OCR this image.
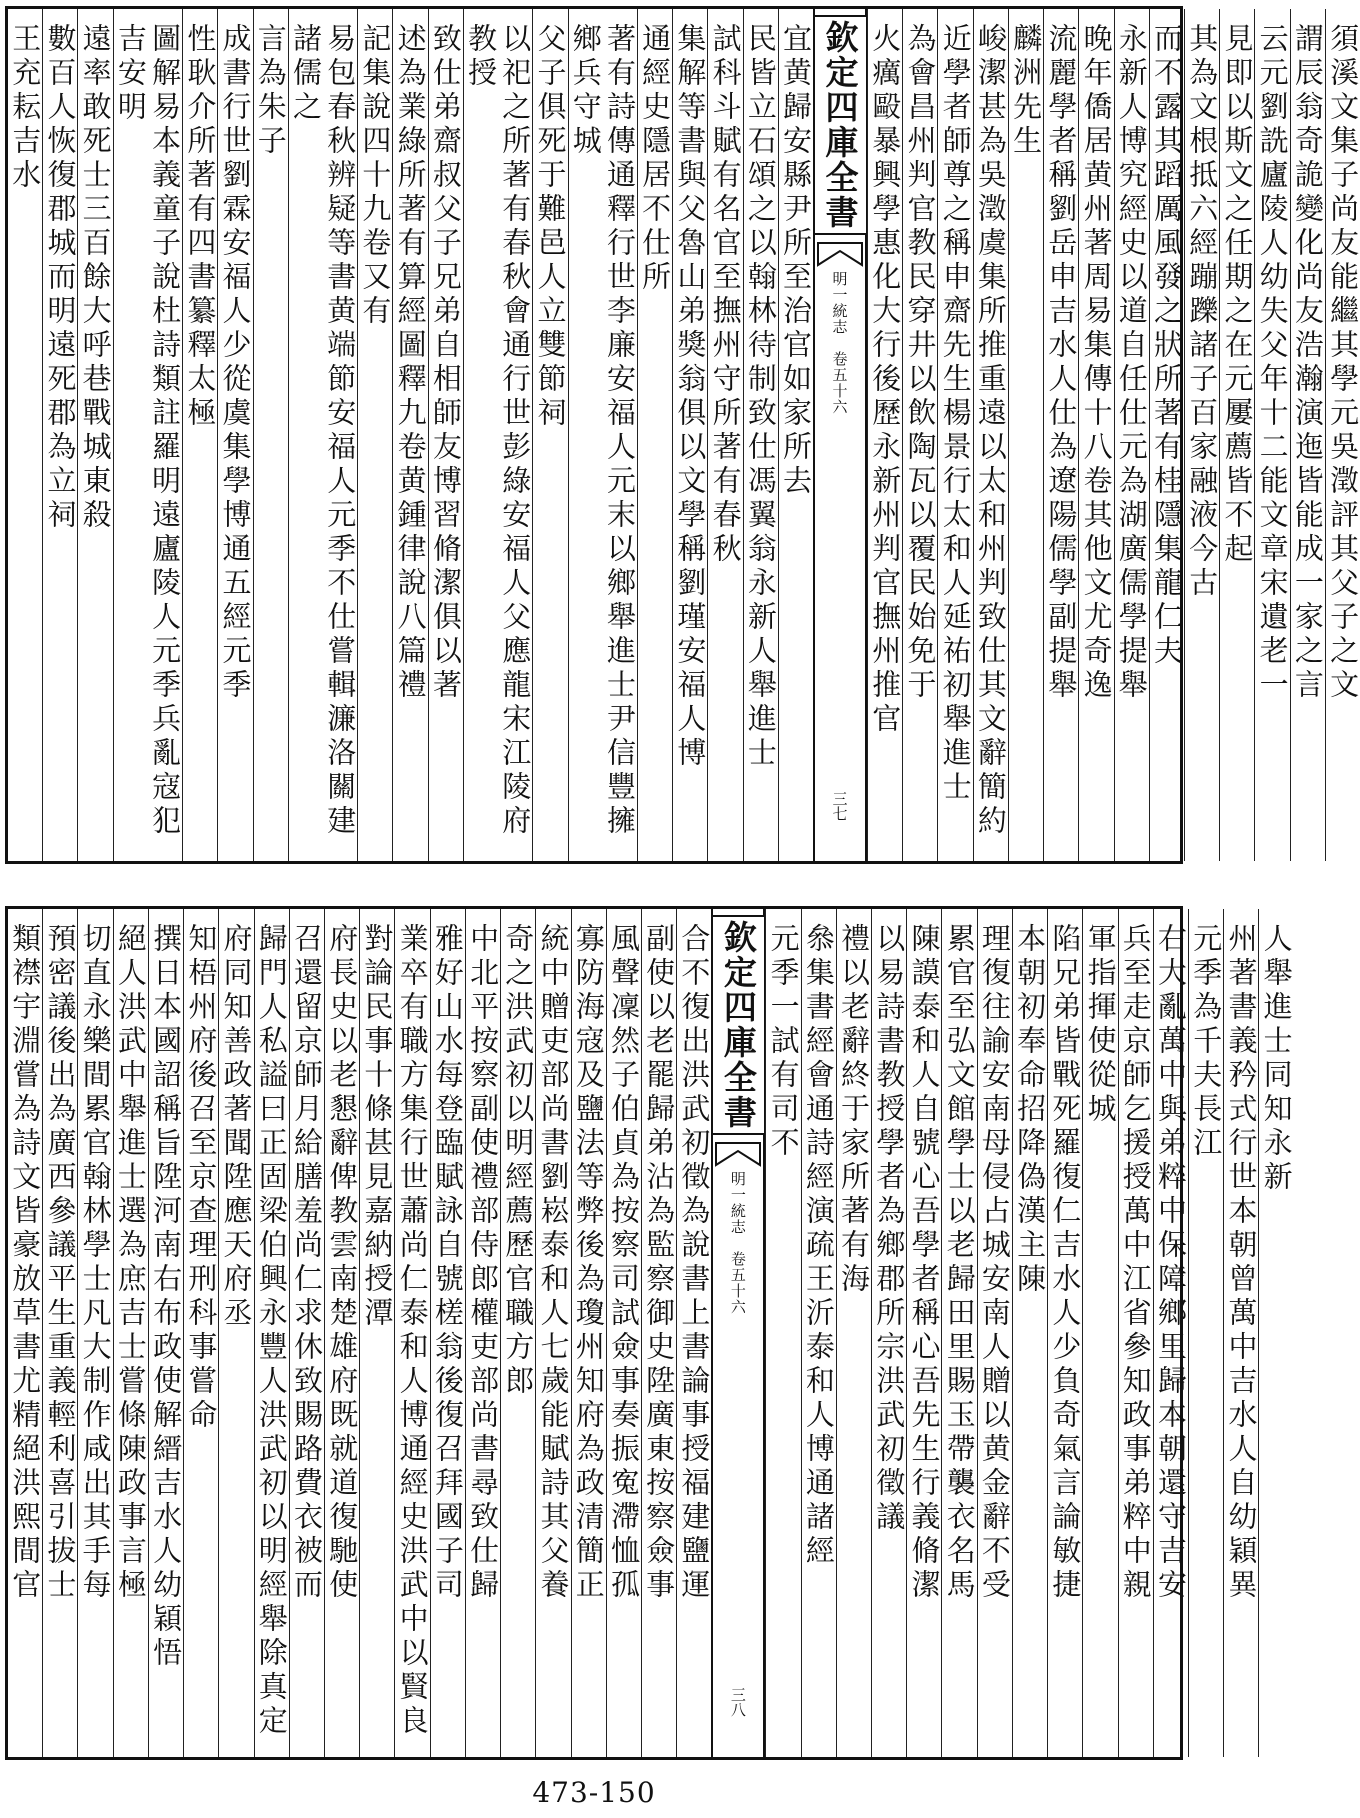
宜黄歸安縣尹所至治官如家所去
民皆立石頌之以翰林待制致仕馮翼翁永新人舉進士
試科斗賦有名官至撫州守所著有春秋
集解等書與父魯山弟獎翁俱以文學稱劉瑾安福人博
通經史隱居不仕所
著有詩傳通釋行世李廉安福人元末以鄉舉進士尹信豐擁鄉兵守城
父子俱死于難邑人立雙節祠
以祀之所著有春秋會通行世彭綠安福人父應龍宋江陵府教授
致仕弟齋叔父子兄弟自相師友博習脩潔俱以著
述為業綠所著有算經圖釋九卷黄鍾律說八篇禮
記集說四十九卷又有
易包春秋辨疑等書黄端節安福人元季不仕嘗輯濂洛關建諸儒之
言為朱子
成書行世劉霖安福人少從虞集學博通五經元季
性耿介所著有四書纂釋太極
圖解易本義童子說杜詩類註羅明遠廬陵人元季兵亂寇犯吉安明
遠率敢死士三百餘大呼巷戰城東殺
數百人恢復郡城而明遠死郡為立祠
王充耘吉水	欽定四庫全書
明一統志　卷五十六
三七
須溪文集子尚友能繼其學元吳澂評其父子之文
謂辰翁奇詭變化尚友浩瀚演迤皆能成一家之言
云元劉詵廬陵人幼失父年十二能文章宋遺老一
見即以斯文之任期之在元屢薦皆不起
其為文根抵六經蹦躒諸子百家融液今古
而不露其蹈厲風發之狀所著有桂隱集龍仁夫
永新人博究經史以道自任仕元為湖廣儒學提舉
晚年僑居黄州著周易集傳十八卷其他文尤奇逸
流麗學者稱劉岳申吉水人仕為遼陽儒學副提舉
麟洲先生
峻潔甚為吳澂虞集所推重遠以太和州判致仕其文辭簡約
近學者師尊之稱申齋先生楊景行太和人延祐初舉進士
為會昌州判官教民穿井以飲陶瓦以覆民始免于
火癘毆暴興學惠化大行後歷永新州判官撫州推官
合不復出洪武初徵為說書上書論事授福建鹽運
副使以老罷歸弟沾為監察御史陞廣東按察僉事
風聲凜然子伯貞為按察司試僉事奏振寃滯恤孤
寡防海寇及鹽法等弊後為瓊州知府為政清簡正
統中贈吏部尚書劉崧泰和人七歲能賦詩其父養
奇之洪武初以明經薦歷官職方郎
中北平按察副使禮部侍郎權吏部尚書尋致仕歸
雅好山水每登臨賦詠自號槎翁後復召拜國子司
業卒有職方集行世蕭尚仁泰和人博通經史洪武中以賢良
對論民事十條甚見嘉納授潭
府長史以老懇辭俾教雲南楚雄府既就道復馳使
召還留京師月給膳羞尚仁求休致賜路費衣被而
歸門人私謚曰正固梁伯興永豐人洪武初以明經舉除真定
府同知善政著聞陞應天府丞
知梧州府後召至京查理刑科事嘗命
撰日本國詔稱旨陞河南右布政使解縉吉水人幼穎悟
絕人洪武中舉進士選為庶吉士嘗條陳政事言極
切直永樂間累官翰林學士凡大制作咸出其手每
預密議後出為廣西參議平生重義輕利喜引拔士
類襟宇淵嘗為詩文皆豪放草書尤精絕洪熙間官	欽定四庫全書
明一統志　卷五十六
三八
人舉進士同知永新
州著書義矜式行世本朝曾萬中吉水人自幼穎異
元季為千夫長江
右大亂萬中與弟粹中保障鄉里歸本朝還守吉安
兵至走京師乞援授萬中江省參知政事弟粹中親
軍指揮使從城
陷兄弟皆戰死羅復仁吉水人少負奇氣言論敏捷
本朝初奉命招降偽漢主陳
理復往諭安南母侵占城安南人贈以黄金辭不受
累官至弘文館學士以老歸田里賜玉帶襲衣名馬
陳謨泰和人自號心吾學者稱心吾先生行義脩潔
以易詩書教授學者為鄉郡所宗洪武初徵議
禮以老辭終于家所著有海
叅集書經會通詩經演疏王沂泰和人博通諸經
元季一試有司不
473-150
